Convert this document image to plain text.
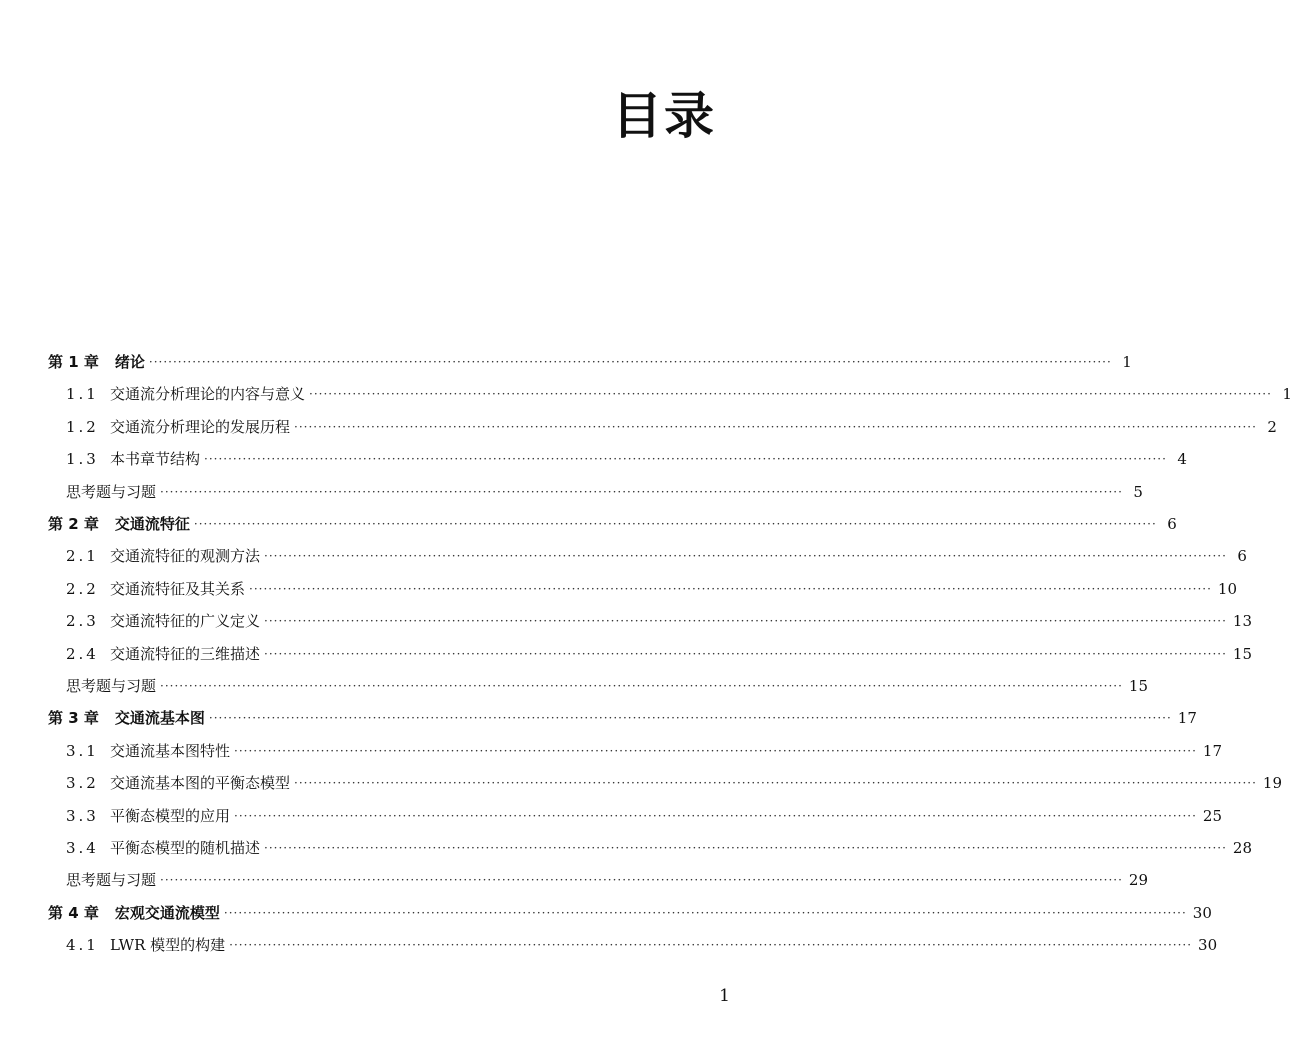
目录
第 1 章 绪论 ········································································································································································································ 1
1.1 交通流分析理论的内容与意义 ········································································································································································································ 1
1.2 交通流分析理论的发展历程 ········································································································································································································ 2
1.3 本书章节结构 ········································································································································································································ 4
思考题与习题 ········································································································································································································ 5
第 2 章 交通流特征 ········································································································································································································ 6
2.1 交通流特征的观测方法 ········································································································································································································ 6
2.2 交通流特征及其关系 ········································································································································································································ 10
2.3 交通流特征的广义定义 ········································································································································································································ 13
2.4 交通流特征的三维描述 ········································································································································································································ 15
思考题与习题 ········································································································································································································ 15
第 3 章 交通流基本图 ········································································································································································································ 17
3.1 交通流基本图特性 ········································································································································································································ 17
3.2 交通流基本图的平衡态模型 ········································································································································································································ 19
3.3 平衡态模型的应用 ········································································································································································································ 25
3.4 平衡态模型的随机描述 ········································································································································································································ 28
思考题与习题 ········································································································································································································ 29
第 4 章 宏观交通流模型 ········································································································································································································ 30
4.1 LWR 模型的构建 ········································································································································································································ 30
1
